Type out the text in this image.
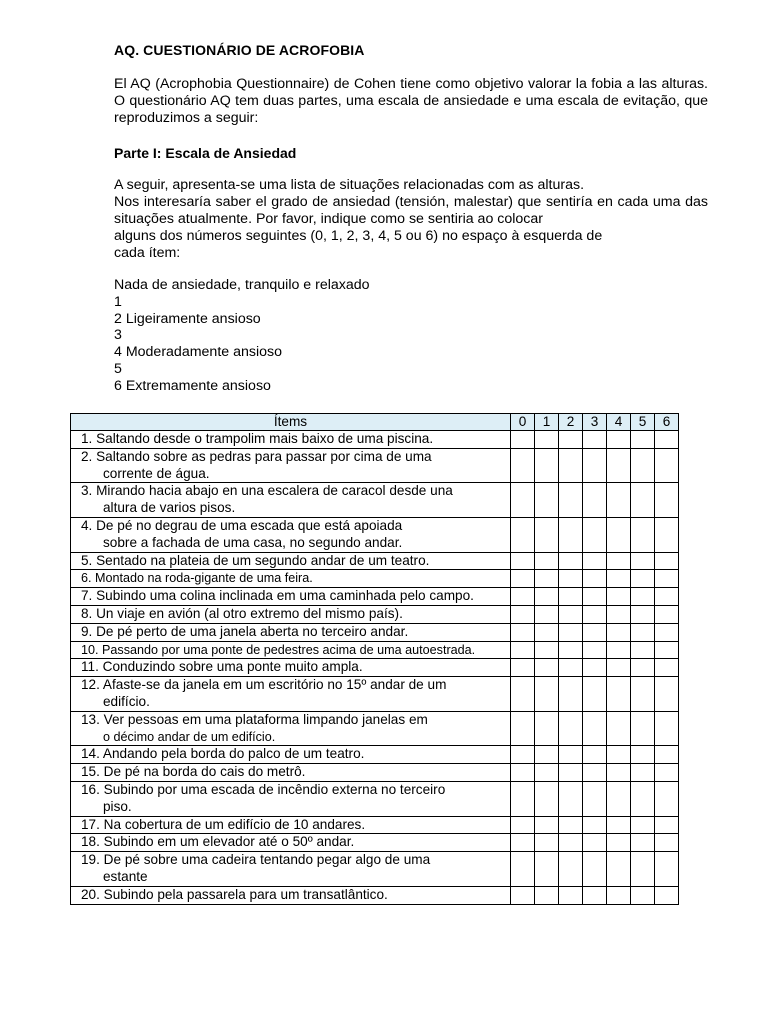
AQ. CUESTIONÁRIO DE ACROFOBIA
El AQ (Acrophobia Questionnaire) de Cohen tiene como objetivo valorar la fobia a las alturas. O questionário AQ tem duas partes, uma escala de ansiedade e uma escala de evitação, que reproduzimos a seguir:
Parte I: Escala de Ansiedad
A seguir, apresenta-se uma lista de situações relacionadas com as alturas.
Nos interesaría saber el grado de ansiedad (tensión, malestar) que sentiría en cada uma das situações atualmente. Por favor, indique como se sentiria ao colocar
alguns dos números seguintes (0, 1, 2, 3, 4, 5 ou 6) no espaço à esquerda de
cada ítem:
Nada de ansiedade, tranquilo e relaxado
1
2 Ligeiramente ansioso
3
4 Moderadamente ansioso
5
6 Extremamente ansioso
Ítems	0	1	2	3	4	5	6
1. Saltando desde o trampolim mais baixo de uma piscina.							
2. Saltando sobre as pedras para passar por cima de uma
corrente de água.							

3. Mirando hacia abajo en una escalera de caracol desde una
altura de varios pisos.							

4. De pé no degrau de uma escada que está apoiada
sobre a fachada de uma casa, no segundo andar.							

5. Sentado na plateia de um segundo andar de um teatro.							
6. Montado na roda-gigante de uma feira.							
7. Subindo uma colina inclinada em uma caminhada pelo campo.							
8. Un viaje en avión (al otro extremo del mismo país).							
9. De pé perto de uma janela aberta no terceiro andar.							
10. Passando por uma ponte de pedestres acima de uma autoestrada.							
11. Conduzindo sobre uma ponte muito ampla.							
12. Afaste-se da janela em um escritório no 15º andar de um
edifício.							

13. Ver pessoas em uma plataforma limpando janelas em
o décimo andar de um edifício.							

14. Andando pela borda do palco de um teatro.							
15. De pé na borda do cais do metrô.							
16. Subindo por uma escada de incêndio externa no terceiro
piso.							

17. Na cobertura de um edifício de 10 andares.							
18. Subindo em um elevador até o 50º andar.							
19. De pé sobre uma cadeira tentando pegar algo de uma
estante							

20. Subindo pela passarela para um transatlântico.							
